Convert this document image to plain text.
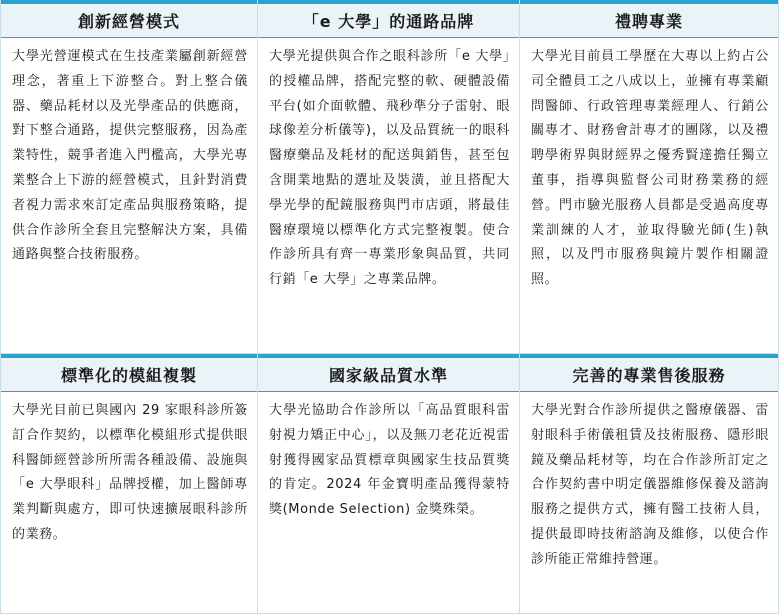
創新經營模式
大學光營運模式在生技產業屬創新經營理念，著重上下游整合。對上整合儀器、藥品耗材以及光學產品的供應商，對下整合通路，提供完整服務，因為產業特性，競爭者進入門檻高，大學光專業整合上下游的經營模式，且針對消費者視力需求來訂定產品與服務策略，提供合作診所全套且完整解決方案，具備通路與整合技術服務。
「e 大學」的通路品牌
大學光提供與合作之眼科診所「e 大學」的授權品牌，搭配完整的軟、硬體設備平台(如介面軟體、飛秒準分子雷射、眼球像差分析儀等)，以及品質統一的眼科醫療藥品及耗材的配送與銷售，甚至包含開業地點的選址及裝潢，並且搭配大學光學的配鏡服務與門市店頭，將最佳醫療環境以標準化方式完整複製。使合作診所具有齊一專業形象與品質，共同行銷「e 大學」之專業品牌。
禮聘專業
大學光目前員工學歷在大專以上約占公司全體員工之八成以上，並擁有專業顧問醫師、行政管理專業經理人、行銷公關專才、財務會計專才的團隊，以及禮聘學術界與財經界之優秀賢達擔任獨立董事，指導與監督公司財務業務的經營。門市驗光服務人員都是受過高度專業訓練的人才，並取得驗光師(生)執照，以及門市服務與鏡片製作相關證照。
標準化的模組複製
大學光目前已與國內 29 家眼科診所簽訂合作契約，以標準化模組形式提供眼科醫師經營診所所需各種設備、設施與「e 大學眼科」品牌授權，加上醫師專業判斷與處方，即可快速擴展眼科診所的業務。
國家級品質水準
大學光協助合作診所以「高品質眼科雷射視力矯正中心」，以及無刀老花近視雷射獲得國家品質標章與國家生技品質獎的肯定。2024 年金寶明產品獲得蒙特獎(Monde Selection) 金獎殊榮。
完善的專業售後服務
大學光對合作診所提供之醫療儀器、雷射眼科手術儀租賃及技術服務、隱形眼鏡及藥品耗材等，均在合作診所訂定之合作契約書中明定儀器維修保養及諮詢服務之提供方式，擁有醫工技術人員，提供最即時技術諮詢及維修，以使合作診所能正常維持營運。
